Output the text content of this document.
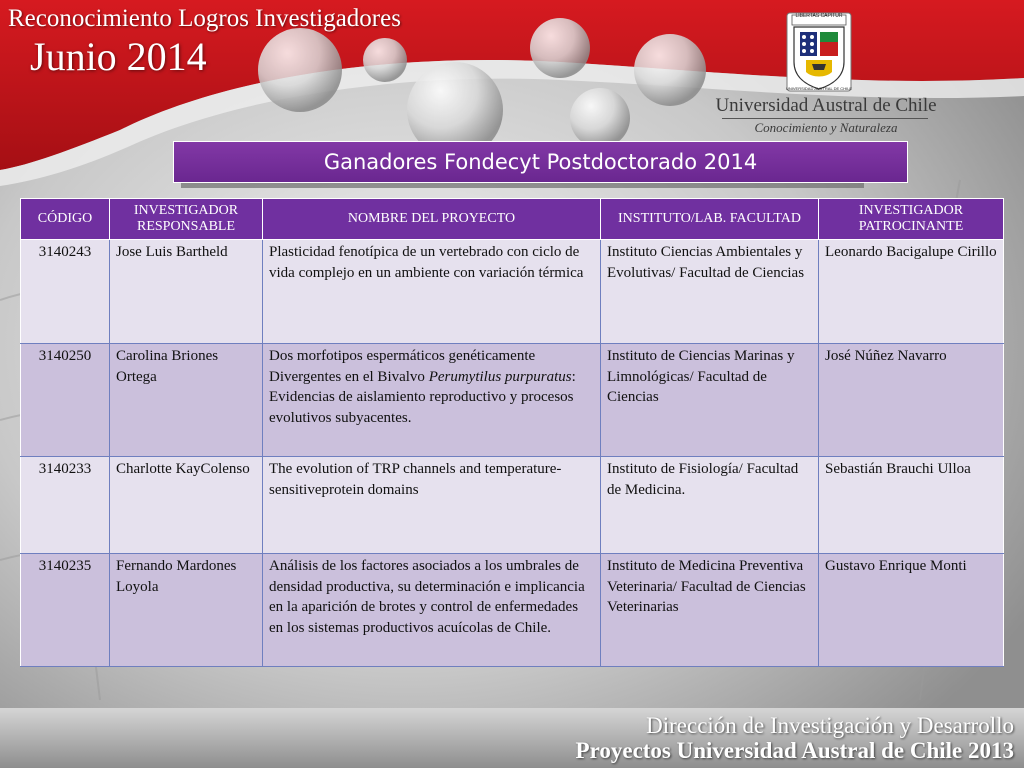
Reconocimiento Logros Investigadores
Junio 2014
LIBERTAS CAPITUR
UNIVERSIDAD AUSTRAL DE CHILE
Universidad Austral de Chile
Conocimiento y Naturaleza
Ganadores Fondecyt Postdoctorado 2014
CÓDIGO	INVESTIGADOR RESPONSABLE	NOMBRE DEL PROYECTO	INSTITUTO/LAB. FACULTAD	INVESTIGADOR PATROCINANTE
3140243	Jose Luis Bartheld	Plasticidad fenotípica de un vertebrado con ciclo de vida complejo en un ambiente con variación térmica	Instituto Ciencias Ambientales y Evolutivas/ Facultad de Ciencias	Leonardo Bacigalupe Cirillo
3140250	Carolina Briones Ortega	Dos morfotipos espermáticos genéticamente Divergentes en el Bivalvo Perumytilus purpuratus: Evidencias de aislamiento reproductivo y procesos evolutivos subyacentes.	Instituto de Ciencias Marinas y Limnológicas/ Facultad de Ciencias	José Núñez Navarro
3140233	Charlotte KayColenso	The evolution of TRP channels and temperature-sensitiveprotein domains	Instituto de Fisiología/ Facultad de Medicina.	Sebastián Brauchi Ulloa
3140235	Fernando Mardones Loyola	Análisis de los factores asociados a los umbrales de densidad productiva, su determinación e implicancia en la aparición de brotes y control de enfermedades en los sistemas productivos acuícolas de Chile.	Instituto de Medicina Preventiva Veterinaria/ Facultad de Ciencias Veterinarias	Gustavo Enrique Monti
Dirección de Investigación y Desarrollo
Proyectos Universidad Austral de Chile 2013
